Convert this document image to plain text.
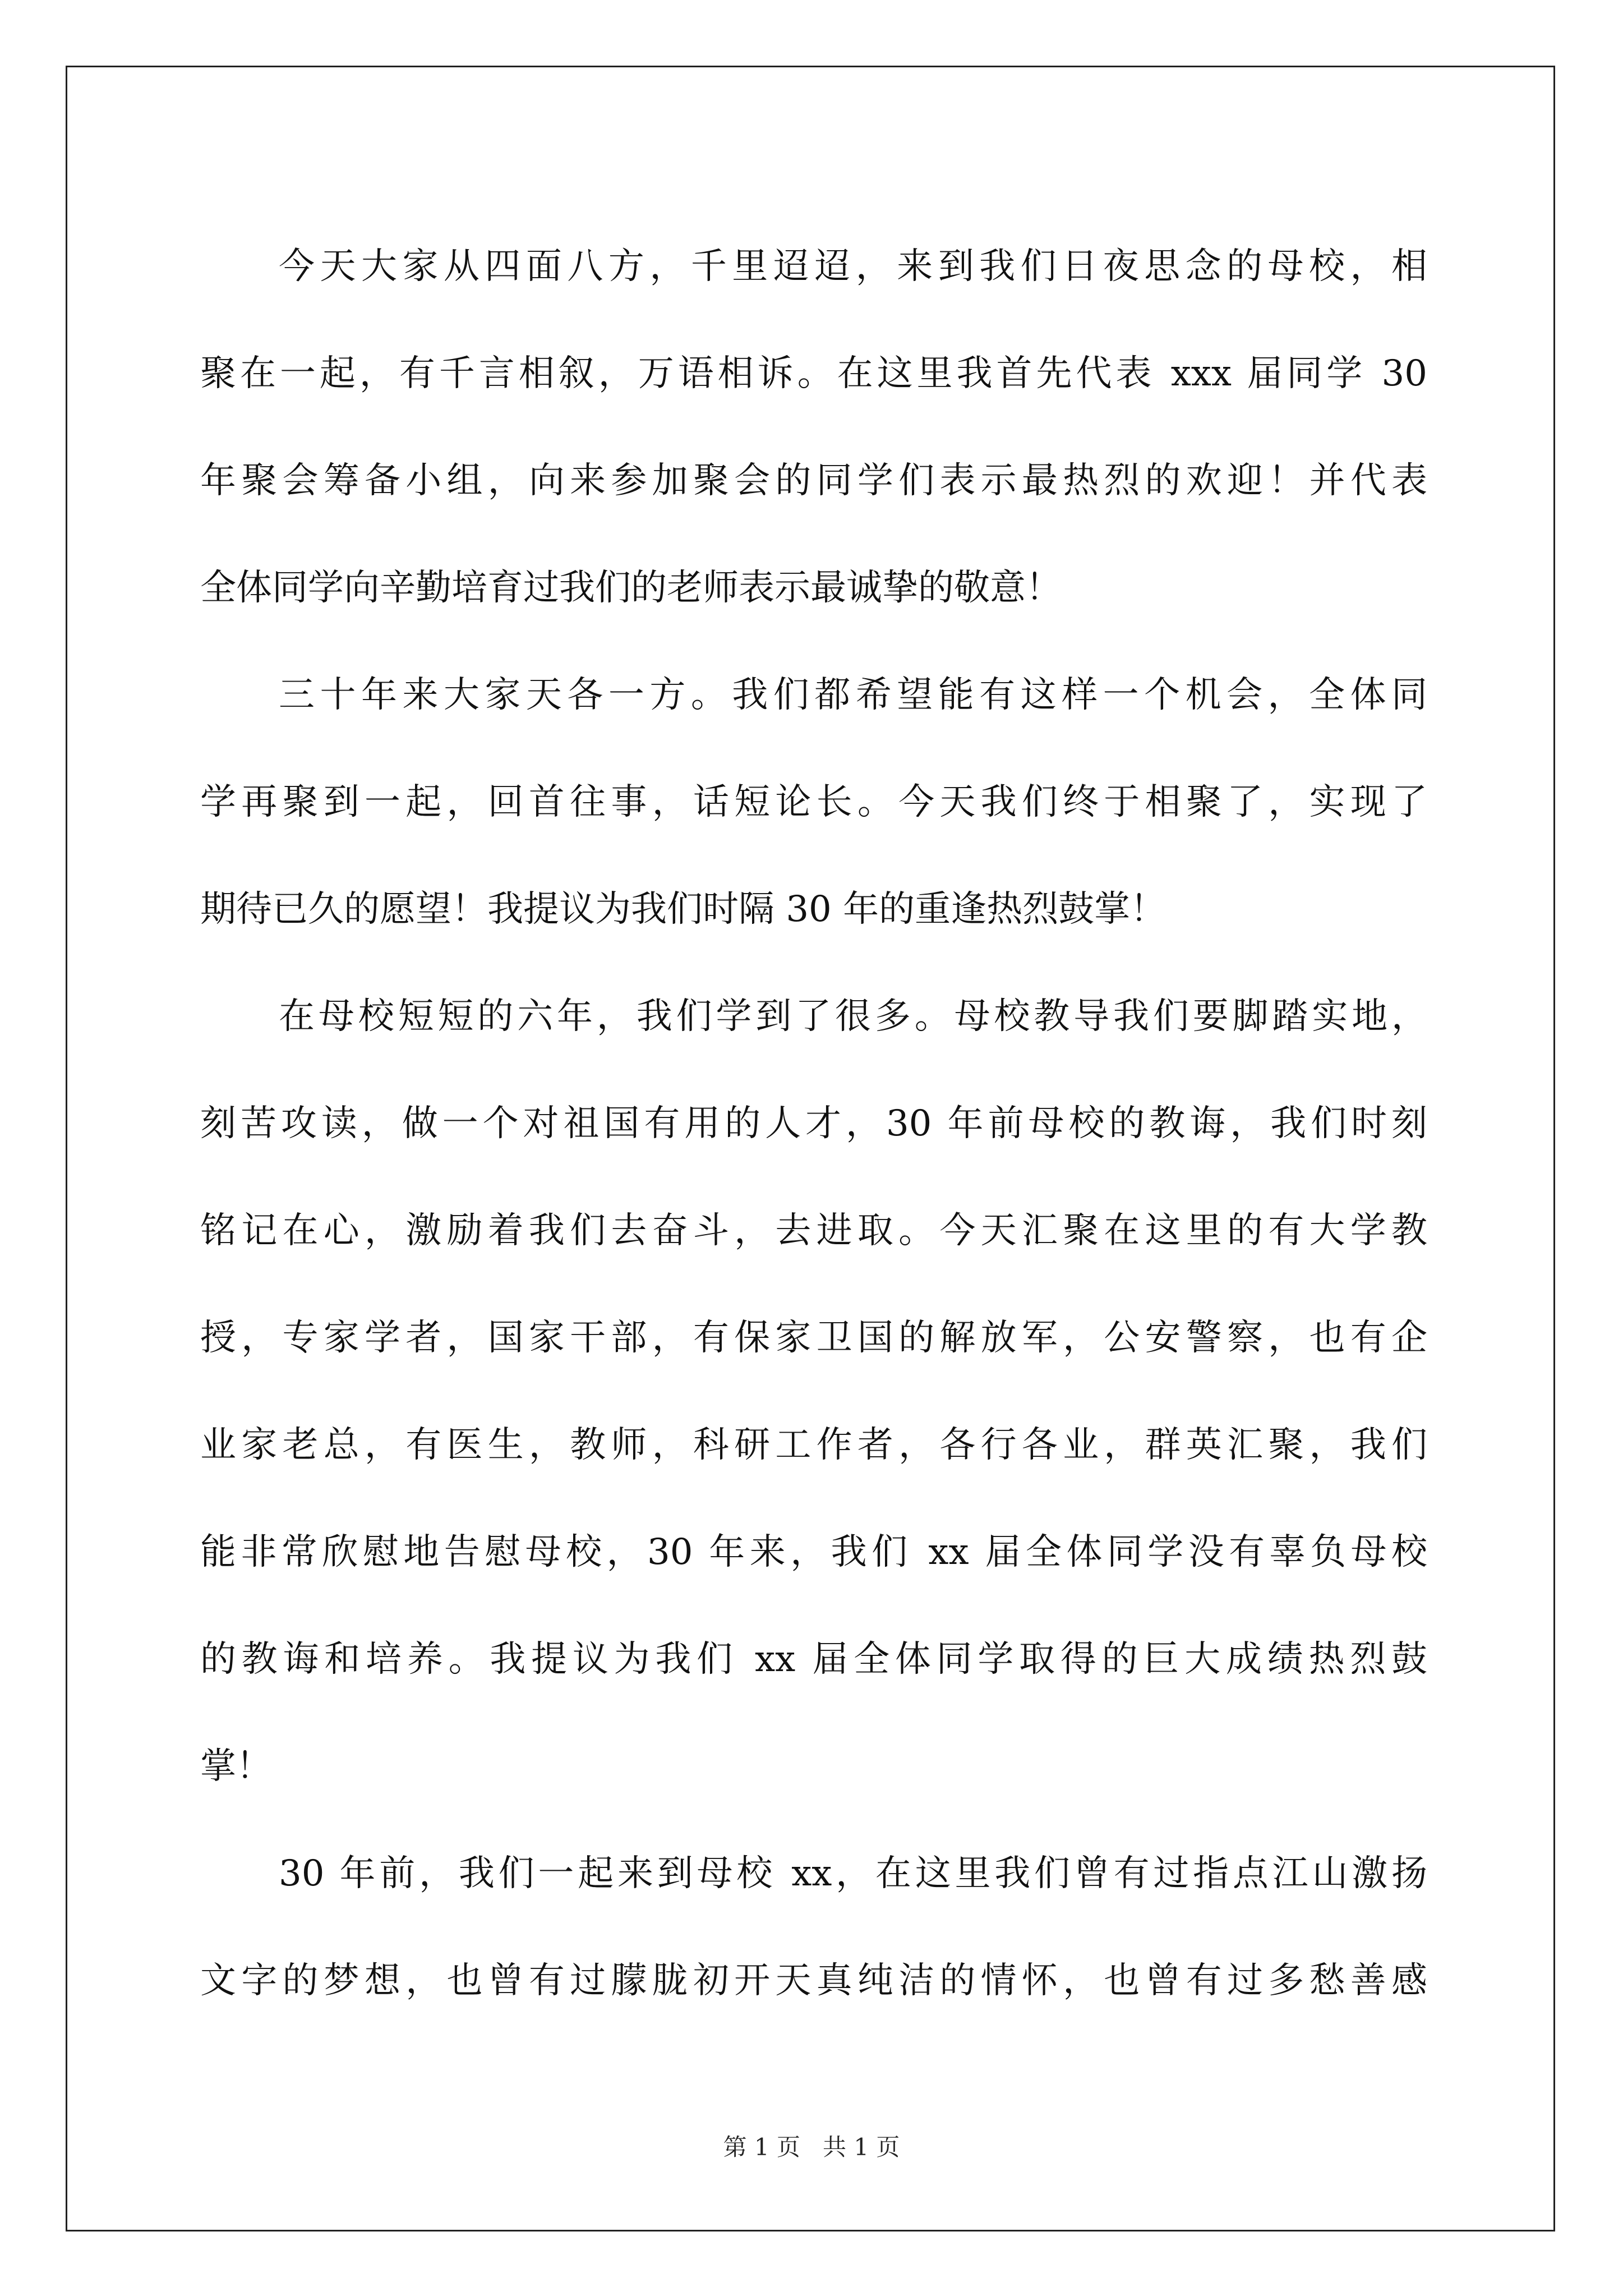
今天大家从四面八方，千里迢迢，来到我们日夜思念的母校，相
聚在一起，有千言相叙，万语相诉。在这里我首先代表 xxx 届同学 30
年聚会筹备小组，向来参加聚会的同学们表示最热烈的欢迎！并代表
全体同学向辛勤培育过我们的老师表示最诚挚的敬意！
三十年来大家天各一方。我们都希望能有这样一个机会，全体同
学再聚到一起，回首往事，话短论长。今天我们终于相聚了，实现了
期待已久的愿望！我提议为我们时隔 30 年的重逢热烈鼓掌！
在母校短短的六年，我们学到了很多。母校教导我们要脚踏实地，
刻苦攻读，做一个对祖国有用的人才，30 年前母校的教诲，我们时刻
铭记在心，激励着我们去奋斗，去进取。今天汇聚在这里的有大学教
授，专家学者，国家干部，有保家卫国的解放军，公安警察，也有企
业家老总，有医生，教师，科研工作者，各行各业，群英汇聚，我们
能非常欣慰地告慰母校，30 年来，我们 xx 届全体同学没有辜负母校
的教诲和培养。我提议为我们 xx 届全体同学取得的巨大成绩热烈鼓
掌！
30 年前，我们一起来到母校 xx，在这里我们曾有过指点江山激扬
文字的梦想，也曾有过朦胧初开天真纯洁的情怀，也曾有过多愁善感
第 1 页 共 1 页
